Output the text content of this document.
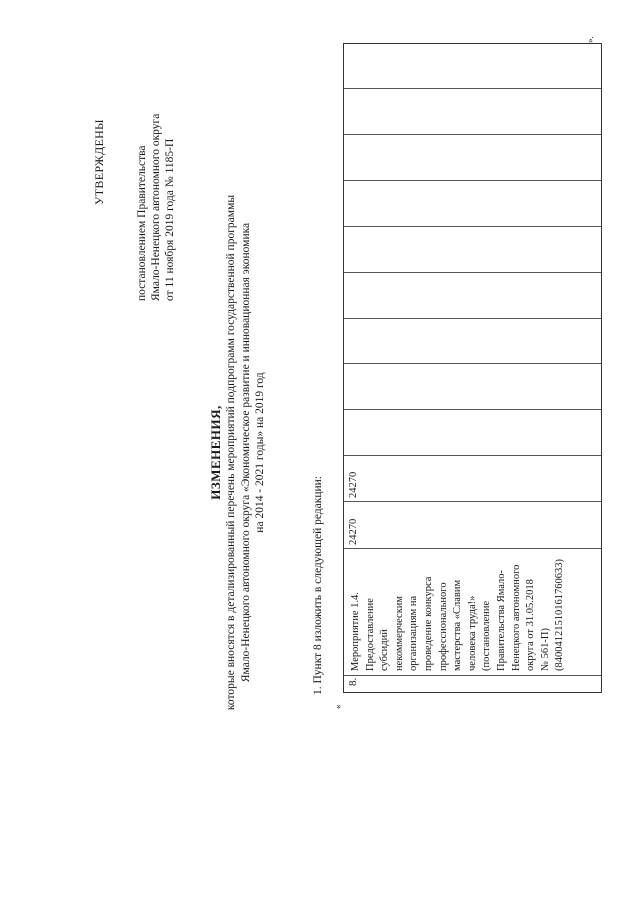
УТВЕРЖДЕНЫ	постановлением Правительства Ямало-Ненецкого автономного округа от 11 ноября 2019 года № 1185-П
ИЗМЕНЕНИЯ, которые вносятся в детализированный перечень мероприятий подпрограмм государственной программы Ямало-Ненецкого автономного округа «Экономическое развитие и инновационная экономика на 2014 - 2021 годы» на 2019 год
1. Пункт 8 изложить в следующей редакции:
«
».
8.
Мероприятие 1.4. Предоставление субсидий некоммерческим организациям на проведение конкурса профессионального мастерства «Славим человека труда!» (постановление Правительства Ямало- Ненецкого автономного округа от 31.05.2018 № 561-П) (84004121510161760633)
24270
24270
